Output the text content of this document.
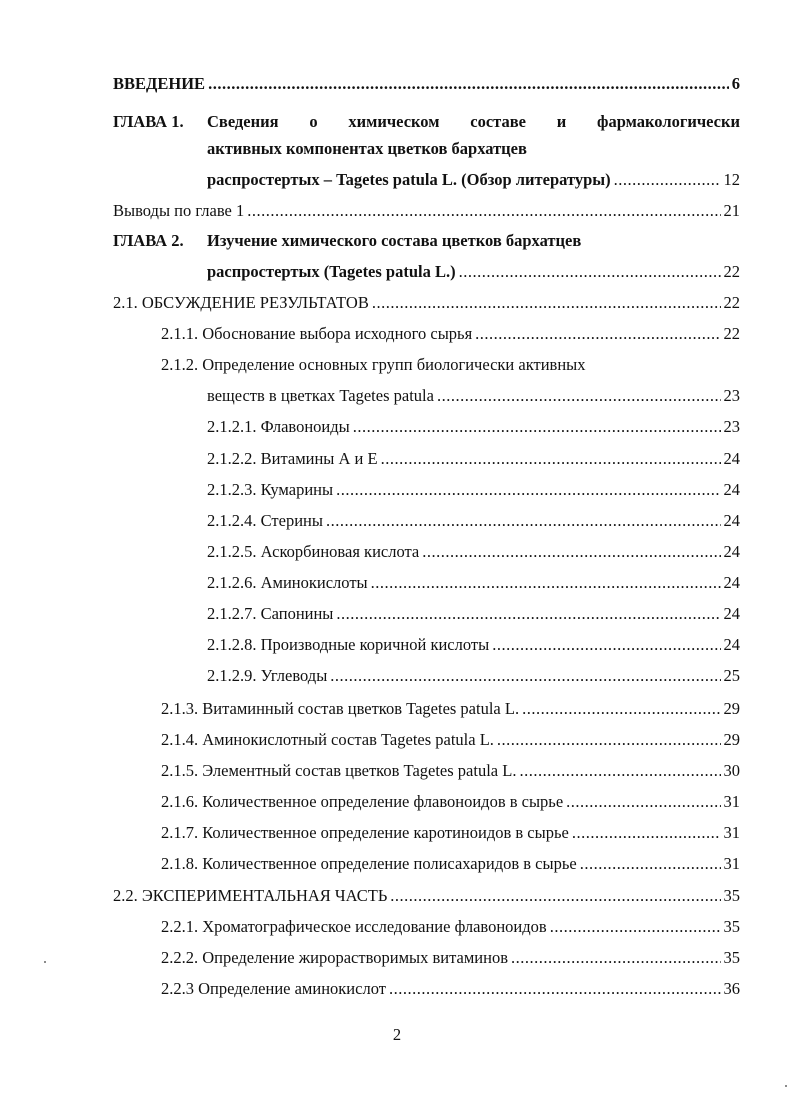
ВВЕДЕНИЕ .....	6
ГЛАВА 1. Сведения о химическом составе и фармакологически
активных компонентах цветков бархатцев
распростертых – Tagetes patula L. (Обзор литературы) .....	12
Выводы по главе 1 .....	21
ГЛАВА 2. Изучение химического состава цветков бархатцев
распростертых (Tagetes patula L.) .....	22
2.1. ОБСУЖДЕНИЕ РЕЗУЛЬТАТОВ .....	22
2.1.1. Обоснование выбора исходного сырья .....	22
2.1.2. Определение основных групп биологически активных
веществ в цветках Tagetes patula .....	23
2.1.2.1. Флавоноиды .....	23
2.1.2.2. Витамины А и Е .....	24
2.1.2.3. Кумарины .....	24
2.1.2.4. Стерины .....	24
2.1.2.5. Аскорбиновая кислота .....	24
2.1.2.6. Аминокислоты .....	24
2.1.2.7. Сапонины .....	24
2.1.2.8. Производные коричной кислоты .....	24
2.1.2.9. Углеводы .....	25
2.1.3. Витаминный состав цветков Tagetes patula L. .....	29
2.1.4. Аминокислотный состав Tagetes patula L. .....	29
2.1.5. Элементный состав цветков Tagetes patula L. .....	30
2.1.6. Количественное определение флавоноидов в сырье .....	31
2.1.7. Количественное определение каротиноидов в сырье .....	31
2.1.8. Количественное определение полисахаридов в сырье .....	31
2.2. ЭКСПЕРИМЕНТАЛЬНАЯ ЧАСТЬ .....	35
2.2.1. Хроматографическое исследование флавоноидов .....	35
2.2.2. Определение жирорастворимых витаминов .....	35
2.2.3 Определение аминокислот .....	36
2
